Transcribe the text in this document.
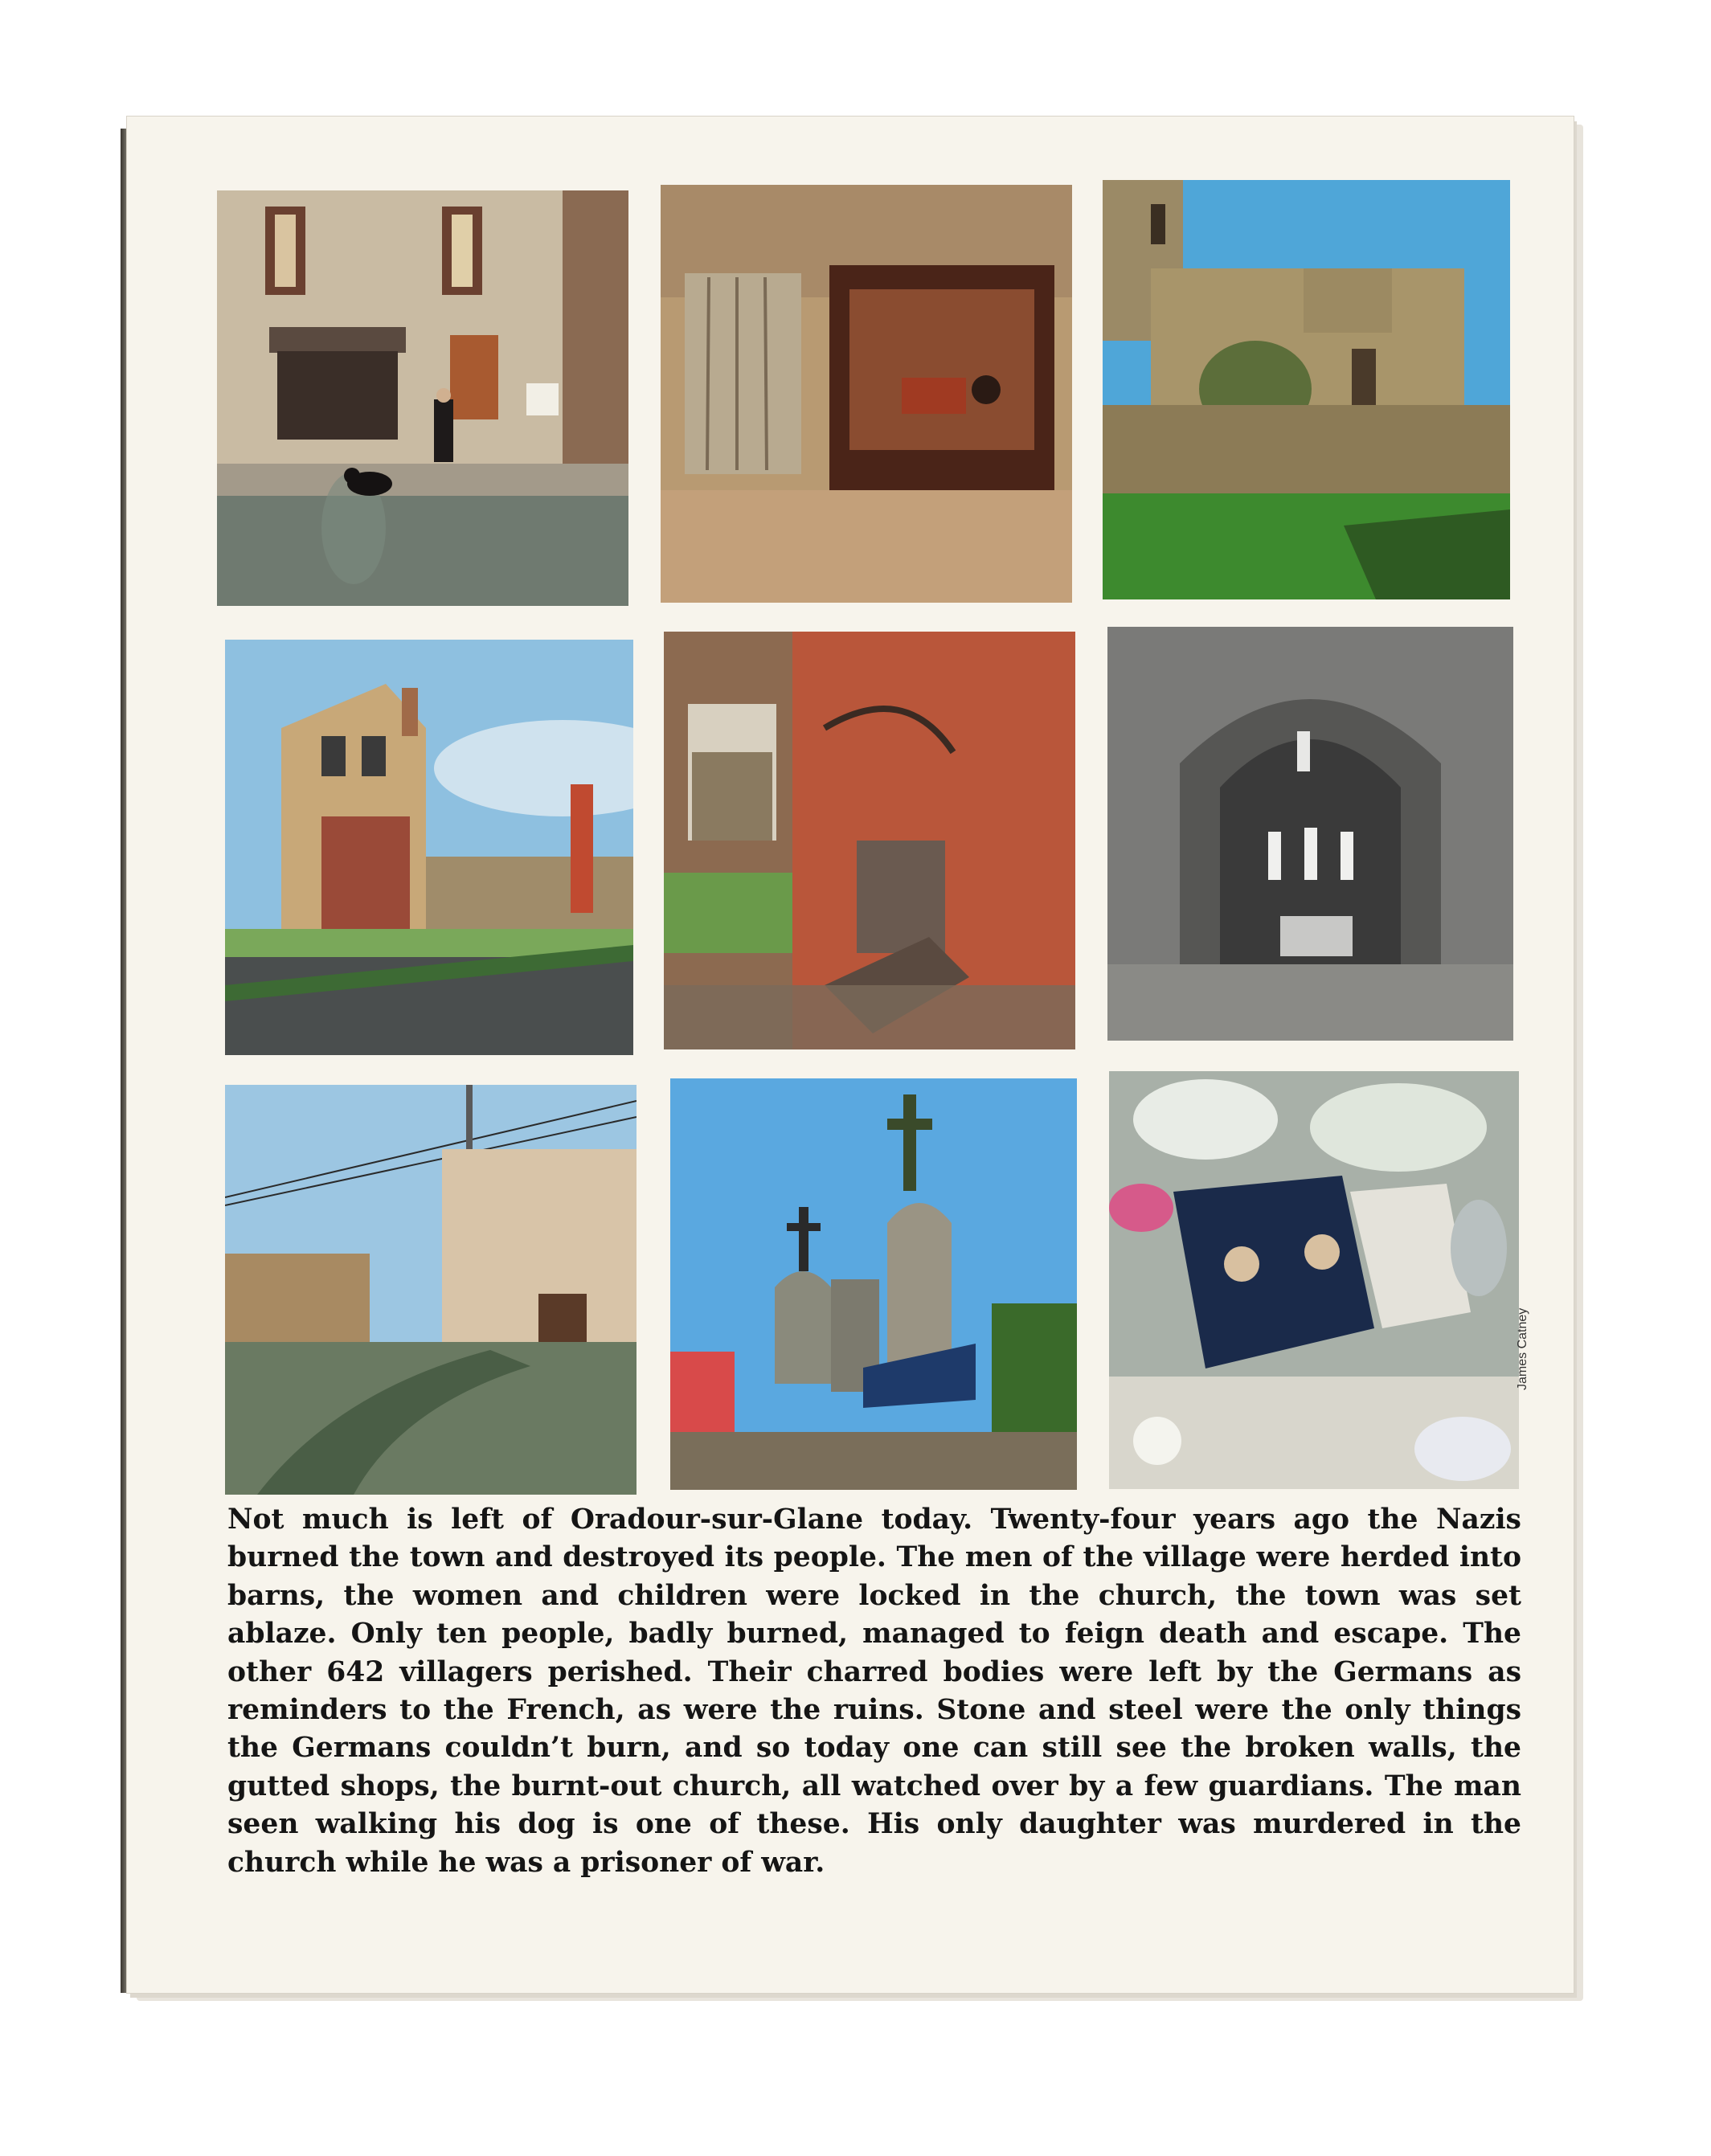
James Catney
Not much is left of Oradour-sur-Glane today. Twenty-four years ago the Nazis burned the town and destroyed its people. The men of the village were herded into barns, the women and children were locked in the church, the town was set ablaze. Only ten people, badly burned, managed to feign death and escape. The other 642 villagers perished. Their charred bodies were left by the Germans as reminders to the French, as were the ruins. Stone and steel were the only things the Germans couldn’t burn, and so today one can still see the broken walls, the gutted shops, the burnt-out church, all watched over by a few guardians. The man seen walking his dog is one of these. His only daughter was murdered in the church while he was a prisoner of war.
